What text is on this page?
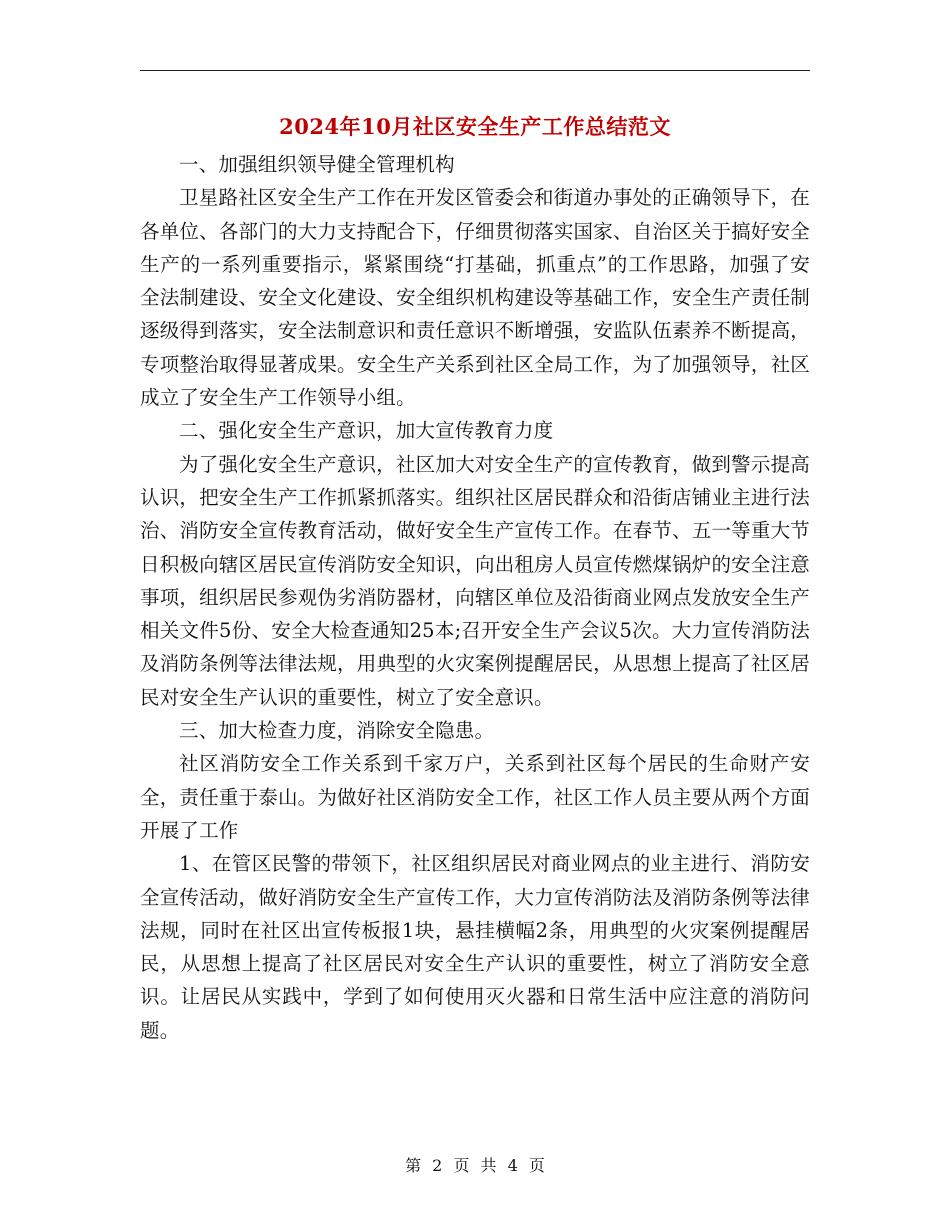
2024年10月社区安全生产工作总结范文

一、加强组织领导健全管理机构

卫星路社区安全生产工作在开发区管委会和街道办事处的正确领导下，在各单位、各部门的大力支持配合下，仔细贯彻落实国家、自治区关于搞好安全生产的一系列重要指示，紧紧围绕“打基础，抓重点”的工作思路，加强了安全法制建设、安全文化建设、安全组织机构建设等基础工作，安全生产责任制逐级得到落实，安全法制意识和责任意识不断增强，安监队伍素养不断提高，专项整治取得显著成果。安全生产关系到社区全局工作，为了加强领导，社区成立了安全生产工作领导小组。

二、强化安全生产意识，加大宣传教育力度

为了强化安全生产意识，社区加大对安全生产的宣传教育，做到警示提高认识，把安全生产工作抓紧抓落实。组织社区居民群众和沿街店铺业主进行法治、消防安全宣传教育活动，做好安全生产宣传工作。在春节、五一等重大节日积极向辖区居民宣传消防安全知识，向出租房人员宣传燃煤锅炉的安全注意事项，组织居民参观伪劣消防器材，向辖区单位及沿街商业网点发放安全生产相关文件5份、安全大检查通知25本;召开安全生产会议5次。大力宣传消防法及消防条例等法律法规，用典型的火灾案例提醒居民，从思想上提高了社区居民对安全生产认识的重要性，树立了安全意识。

三、加大检查力度，消除安全隐患。

社区消防安全工作关系到千家万户，关系到社区每个居民的生命财产安全，责任重于泰山。为做好社区消防安全工作，社区工作人员主要从两个方面开展了工作

1、在管区民警的带领下，社区组织居民对商业网点的业主进行、消防安全宣传活动，做好消防安全生产宣传工作，大力宣传消防法及消防条例等法律法规，同时在社区出宣传板报1块，悬挂横幅2条，用典型的火灾案例提醒居民，从思想上提高了社区居民对安全生产认识的重要性，树立了消防安全意识。让居民从实践中，学到了如何使用灭火器和日常生活中应注意的消防问题。

第 2 页 共 4 页
